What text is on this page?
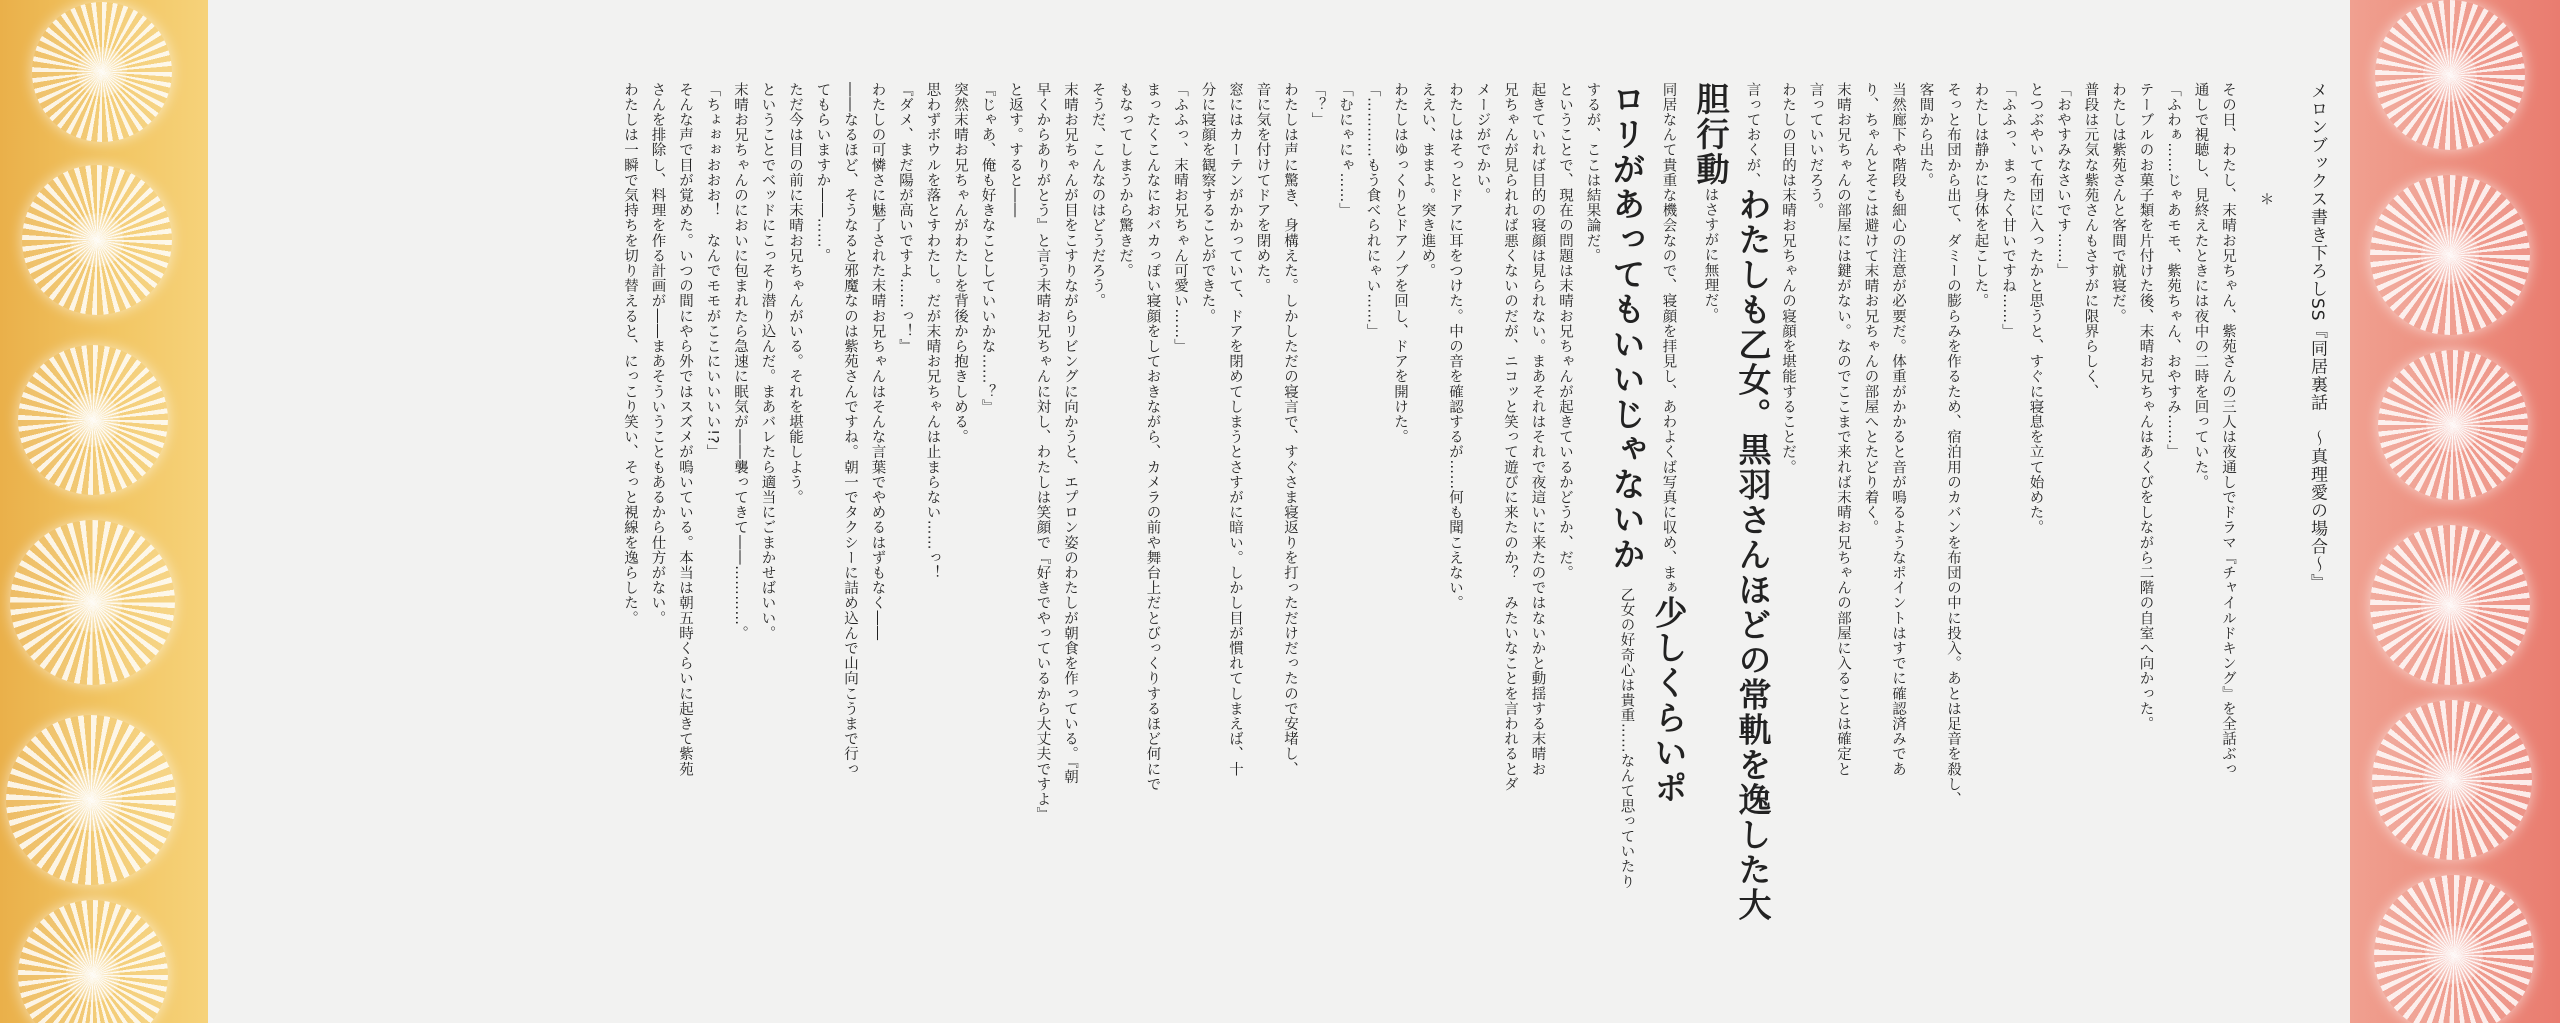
メロンブックス書き下ろしSS『同居裏話　～真理愛の場合～』

＊

その日、わたし、末晴お兄ちゃん、紫苑さんの三人は夜通しでドラマ『チャイルドキング』を全話ぶっ

通しで視聴し、見終えたときには夜中の二時を回っていた。

「ふわぁ……じゃあモモ、紫苑ちゃん、おやすみ……」

テーブルのお菓子類を片付けた後、末晴お兄ちゃんはあくびをしながら二階の自室へ向かった。

わたしは紫苑さんと客間で就寝だ。

普段は元気な紫苑さんもさすがに限界らしく、

「おやすみなさいです……」

とつぶやいて布団に入ったかと思うと、すぐに寝息を立て始めた。

「ふふっ、まったく甘いですね……」

わたしは静かに身体を起こした。

そっと布団から出て、ダミーの膨らみを作るため、宿泊用のカバンを布団の中に投入。あとは足音を殺し、

客間から出た。

当然廊下や階段も細心の注意が必要だ。体重がかかると音が鳴るようなポイントはすでに確認済みであ

り、ちゃんとそこは避けて末晴お兄ちゃんの部屋へとたどり着く。

末晴お兄ちゃんの部屋には鍵がない。なのでここまで来れば末晴お兄ちゃんの部屋に入ることは確定と

言っていいだろう。

わたしの目的は末晴お兄ちゃんの寝顔を堪能することだ。

言っておくが、わたしも乙女。黒羽さんほどの常軌を逸した大

胆行動はさすがに無理だ。

同居なんて貴重な機会なので、寝顔を拝見し、あわよくば写真に収め、まぁ少しくらいポ

ロリがあってもいいじゃないか　乙女の好奇心は貴重……なんて思っていたり

するが、ここは結果論だ。

ということで、現在の問題は末晴お兄ちゃんが起きているかどうか、だ。

起きていれば目的の寝顔は見られない。まあそれはそれで夜這いに来たのではないかと動揺する末晴お

兄ちゃんが見られれば悪くないのだが、ニコッと笑って遊びに来たのか？　みたいなことを言われるとダ

メージがでかい。

わたしはそっとドアに耳をつけた。中の音を確認するが……何も聞こえない。

ええい、ままよ。突き進め。

わたしはゆっくりとドアノブを回し、ドアを開けた。

「…………もう食べられにゃい……」

「むにゃにゃ……」

「？」

わたしは声に驚き、身構えた。しかしただの寝言で、すぐさま寝返りを打っただけだったので安堵し、

音に気を付けてドアを閉めた。

窓にはカーテンがかかっていて、ドアを閉めてしまうとさすがに暗い。しかし目が慣れてしまえば、十

分に寝顔を観察することができた。

「ふふっ、末晴お兄ちゃん可愛い……」

まったくこんなにおバカっぽい寝顔をしておきながら、カメラの前や舞台上だとびっくりするほど何にで

もなってしまうから驚きだ。

そうだ、こんなのはどうだろう。

末晴お兄ちゃんが目をこすりながらリビングに向かうと、エプロン姿のわたしが朝食を作っている。『朝

早くからありがとう』と言う末晴お兄ちゃんに対し、わたしは笑顔で『好きでやっているから大丈夫ですよ』

と返す。すると――

『じゃあ、俺も好きなことしていいかな……？』

突然末晴お兄ちゃんがわたしを背後から抱きしめる。

思わずボウルを落とすわたし。だが末晴お兄ちゃんは止まらない……っ！

『ダメ、まだ陽が高いですよ……っ！』

わたしの可憐さに魅了された末晴お兄ちゃんはそんな言葉でやめるはずもなく――

――なるほど、そうなると邪魔なのは紫苑さんですね。朝一でタクシーに詰め込んで山向こうまで行っ

てもらいますか――……。

ただ今は目の前に末晴お兄ちゃんがいる。それを堪能しよう。

ということでベッドにこっそり潜り込んだ。まあバレたら適当にごまかせばいい。

末晴お兄ちゃんのにおいに包まれたら急速に眠気が――襲ってきて――…………。

「ちょぉぉおおお！　なんでモモがここにいいいい!?」

そんな声で目が覚めた。いつの間にやら外ではスズメが鳴いている。本当は朝五時くらいに起きて紫苑

さんを排除し、料理を作る計画が――まあそういうこともあるから仕方がない。

わたしは一瞬で気持ちを切り替えると、にっこり笑い、そっと視線を逸らした。
